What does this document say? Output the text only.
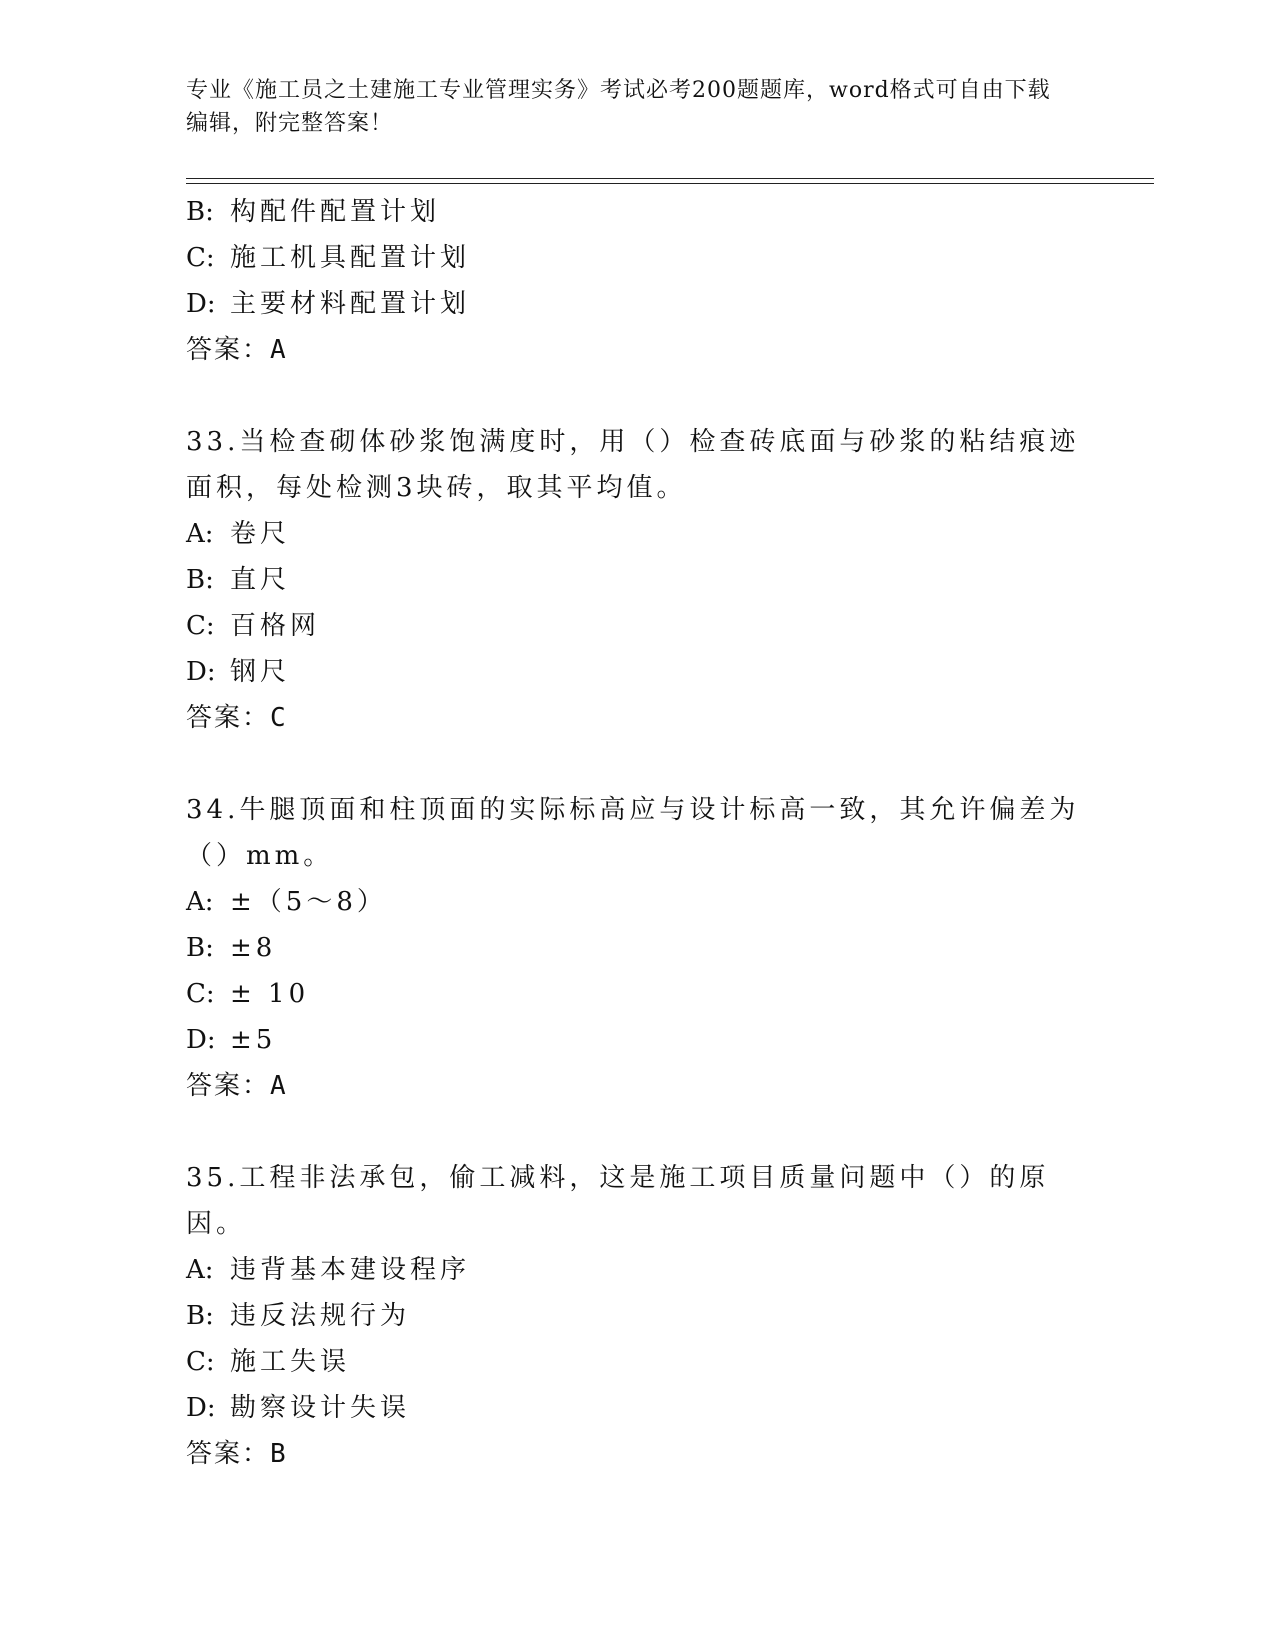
专业《施工员之土建施工专业管理实务》考试必考200题题库，word格式可自由下载编辑，附完整答案！
B: 构配件配置计划
C: 施工机具配置计划
D: 主要材料配置计划
答案：A
33.当检查砌体砂浆饱满度时，用（）检查砖底面与砂浆的粘结痕迹面积，每处检测3块砖，取其平均值。
A: 卷尺
B: 直尺
C: 百格网
D: 钢尺
答案：C
34.牛腿顶面和柱顶面的实际标高应与设计标高一致，其允许偏差为（）mm。
A: ±（5～8）
B: ±8
C: ± 10
D: ±5
答案：A
35.工程非法承包，偷工减料，这是施工项目质量问题中（）的原因。
A: 违背基本建设程序
B: 违反法规行为
C: 施工失误
D: 勘察设计失误
答案：B
